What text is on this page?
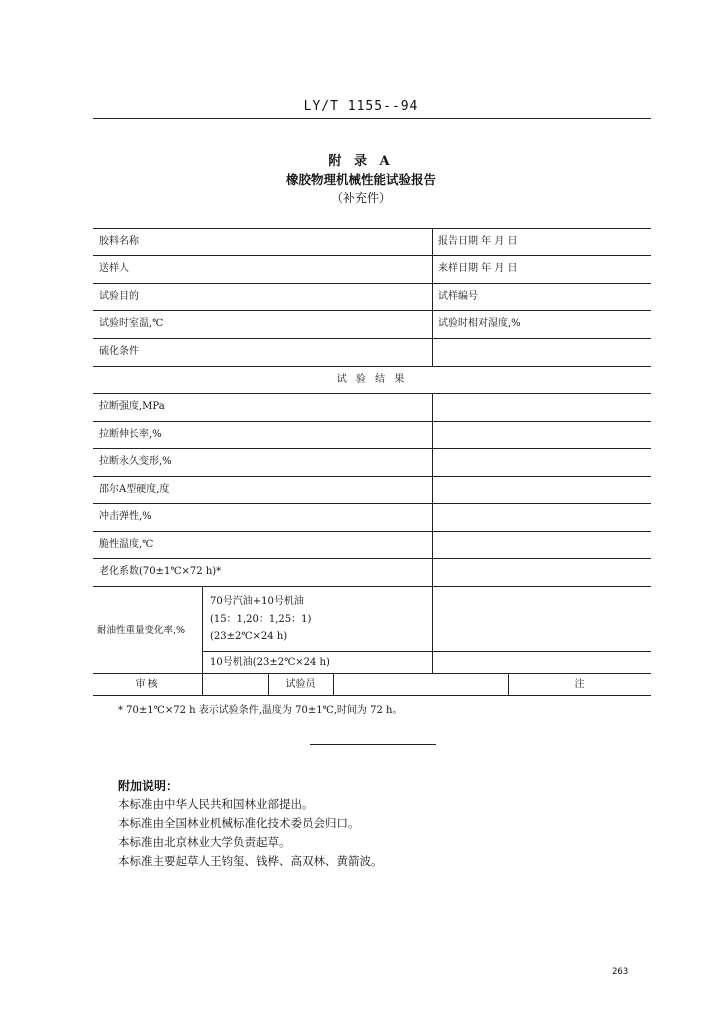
LY/T 1155--94
附 录 A
橡胶物理机械性能试验报告
（补充件）
胶料名称	报告日期 年 月 日
送样人	来样日期 年 月 日
试验目的	试样编号
试验时室温,℃	试验时相对湿度,%
硫化条件
试 验 结 果
拉断强度,MPa
拉断伸长率,%
拉断永久变形,%
邵尔A型硬度,度
冲击弹性,%
脆性温度,℃
老化系数(70±1℃×72 h)*
耐油性重量变化率,%
70号汽油+10号机油
(15：1,20：1,25：1)
(23±2℃×24 h)
10号机油(23±2℃×24 h)
审核	试验员	注
* 70±1℃×72 h 表示试验条件,温度为 70±1℃,时间为 72 h。
附加说明：
本标准由中华人民共和国林业部提出。
本标准由全国林业机械标准化技术委员会归口。
本标准由北京林业大学负责起草。
本标准主要起草人王钧玺、钱桦、高双林、黄箭波。
263
